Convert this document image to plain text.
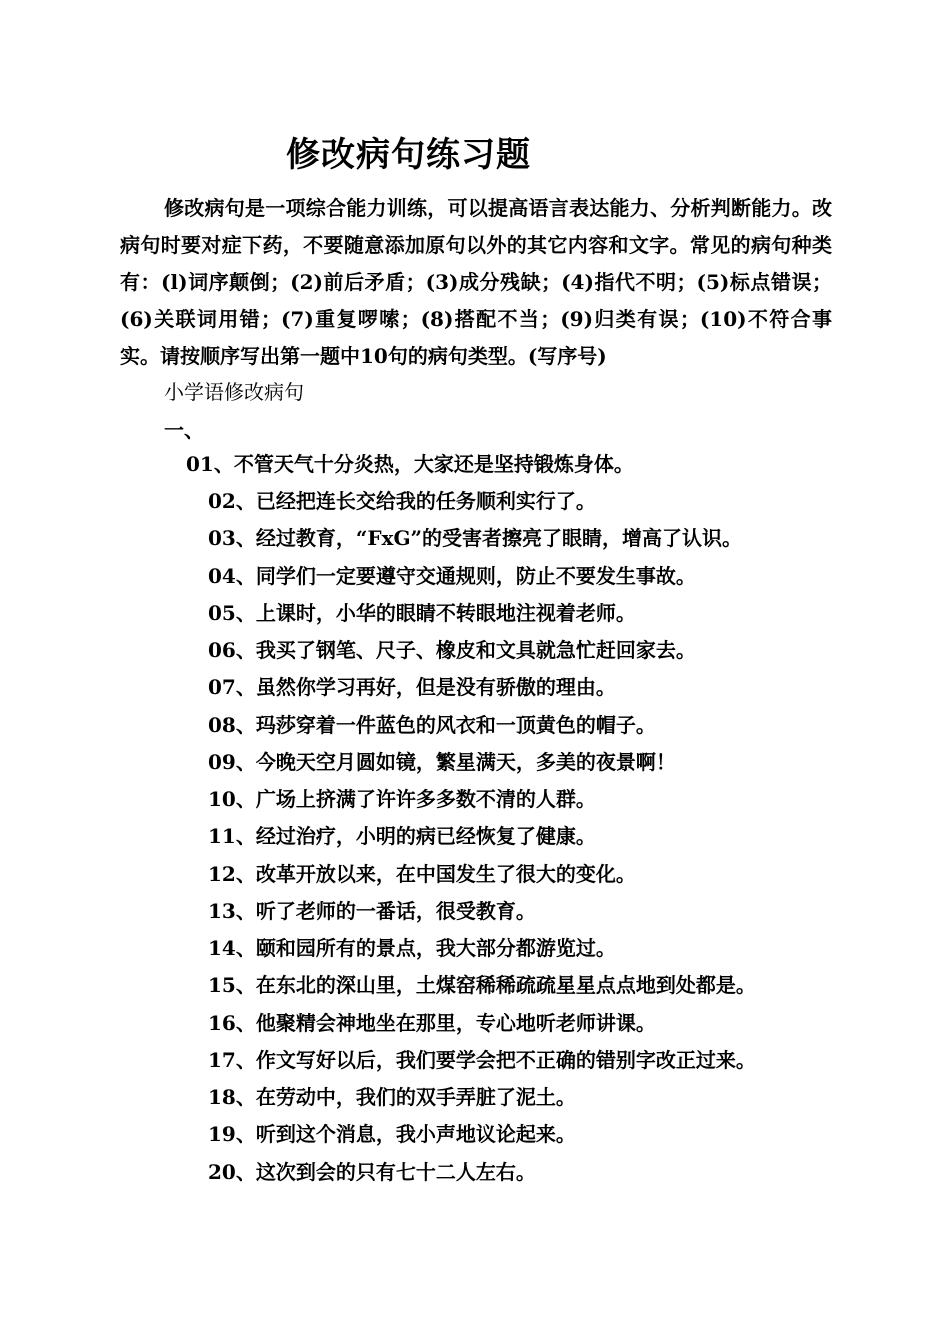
修改病句练习题
修改病句是一项综合能力训练，可以提高语言表达能力、分析判断能力。改病句时要对症下药，不要随意添加原句以外的其它内容和文字。常见的病句种类有：(l)词序颠倒；(2)前后矛盾；(3)成分残缺；(4)指代不明；(5)标点错误；(6)关联词用错；(7)重复啰嗦；(8)搭配不当；(9)归类有误；(10)不符合事实。请按顺序写出第一题中10句的病句类型。(写序号)
小学语修改病句
一、
01、不管天气十分炎热，大家还是坚持锻炼身体。
02、已经把连长交给我的任务顺利实行了。
03、经过教育，“FxG”的受害者擦亮了眼睛，增高了认识。
04、同学们一定要遵守交通规则，防止不要发生事故。
05、上课时，小华的眼睛不转眼地注视着老师。
06、我买了钢笔、尺子、橡皮和文具就急忙赶回家去。
07、虽然你学习再好，但是没有骄傲的理由。
08、玛莎穿着一件蓝色的风衣和一顶黄色的帽子。
09、今晚天空月圆如镜，繁星满天，多美的夜景啊！
10、广场上挤满了许许多多数不清的人群。
11、经过治疗，小明的病已经恢复了健康。
12、改革开放以来，在中国发生了很大的变化。
13、听了老师的一番话，很受教育。
14、颐和园所有的景点，我大部分都游览过。
15、在东北的深山里，土煤窑稀稀疏疏星星点点地到处都是。
16、他聚精会神地坐在那里，专心地听老师讲课。
17、作文写好以后，我们要学会把不正确的错别字改正过来。
18、在劳动中，我们的双手弄脏了泥土。
19、听到这个消息，我小声地议论起来。
20、这次到会的只有七十二人左右。
